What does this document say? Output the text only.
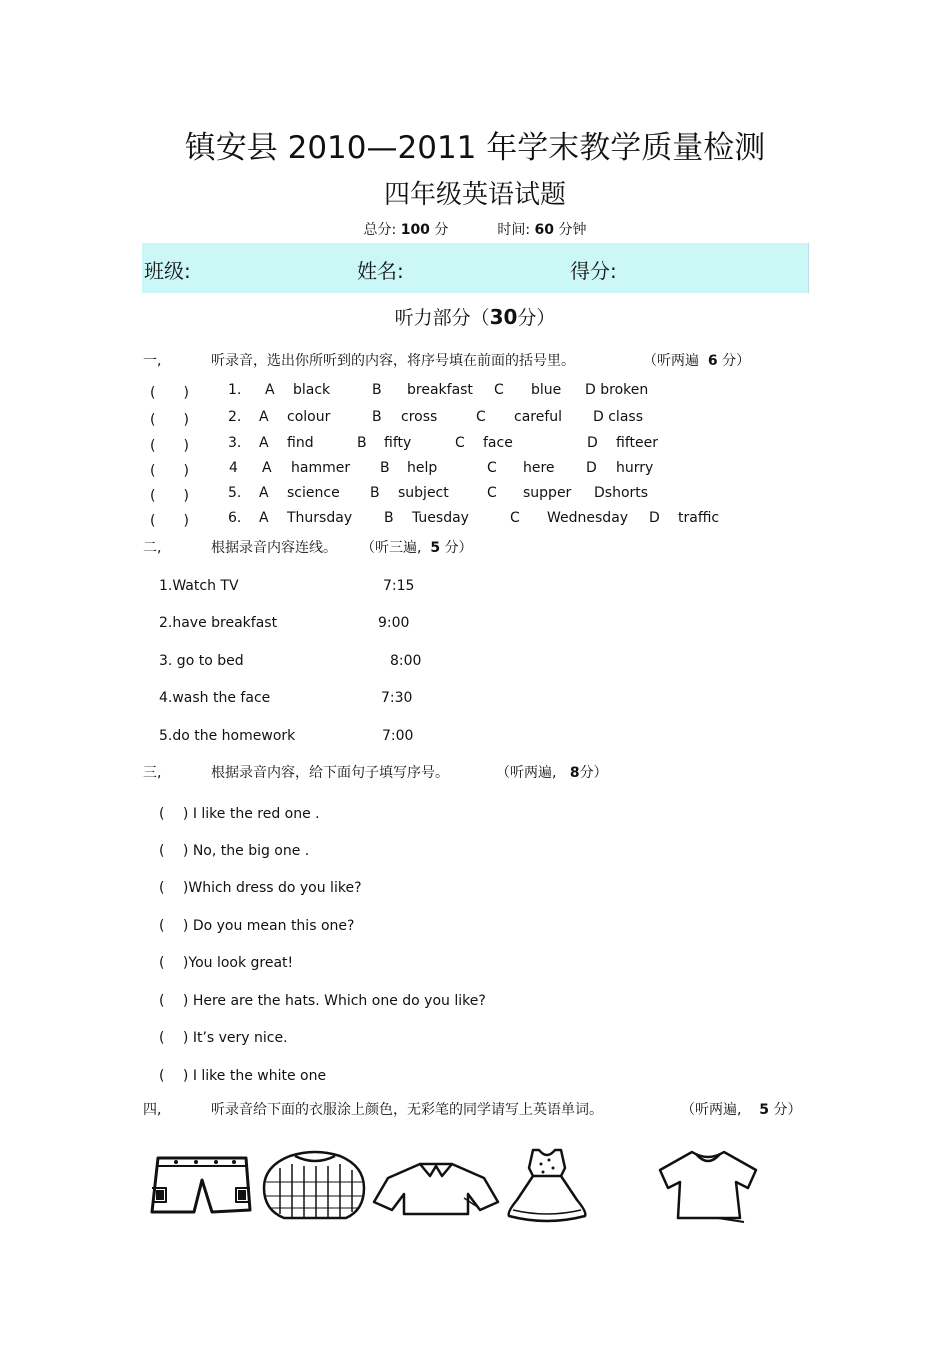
镇安县 2010—2011 年学末教学质量检测
四年级英语试题
总分: 100 分	时间: 60 分钟
班级:	姓名:	得分:
听力部分（30分）
一,	听录音，选出你所听到的内容，将序号填在前面的括号里。	（听两遍 6 分）
(　　)	1. A black	B breakfast C blue D broken
(　　)	2. A colour	B cross	C careful D class
(　　)	3. A find	B fifty	C face	D fifteer
(　　)	4 A hammer B help	C here D hurry
(　　)	5. A science B subject	C supper Dshorts
(　　)	6. A Thursday B Tuesday	C Wednesday D traffic
二,	根据录音内容连线。 （听三遍, 5 分）
1.Watch TV	7:15
2.have breakfast	9:00
3. go to bed	8:00
4.wash the face	7:30
5.do the homework	7:00
三,	根据录音内容，给下面句子填写序号。	（听两遍, 8分）
(　 ) I like the red one .
(　 ) No, the big one .
(　 )Which dress do you like?
(　 ) Do you mean this one?
(　 )You look great!
(　 ) Here are the hats. Which one do you like?
(　 ) It’s very nice.
(　 ) I like the white one
四,	听录音给下面的衣服涂上颜色，无彩笔的同学请写上英语单词。	（听两遍, 5 分）
